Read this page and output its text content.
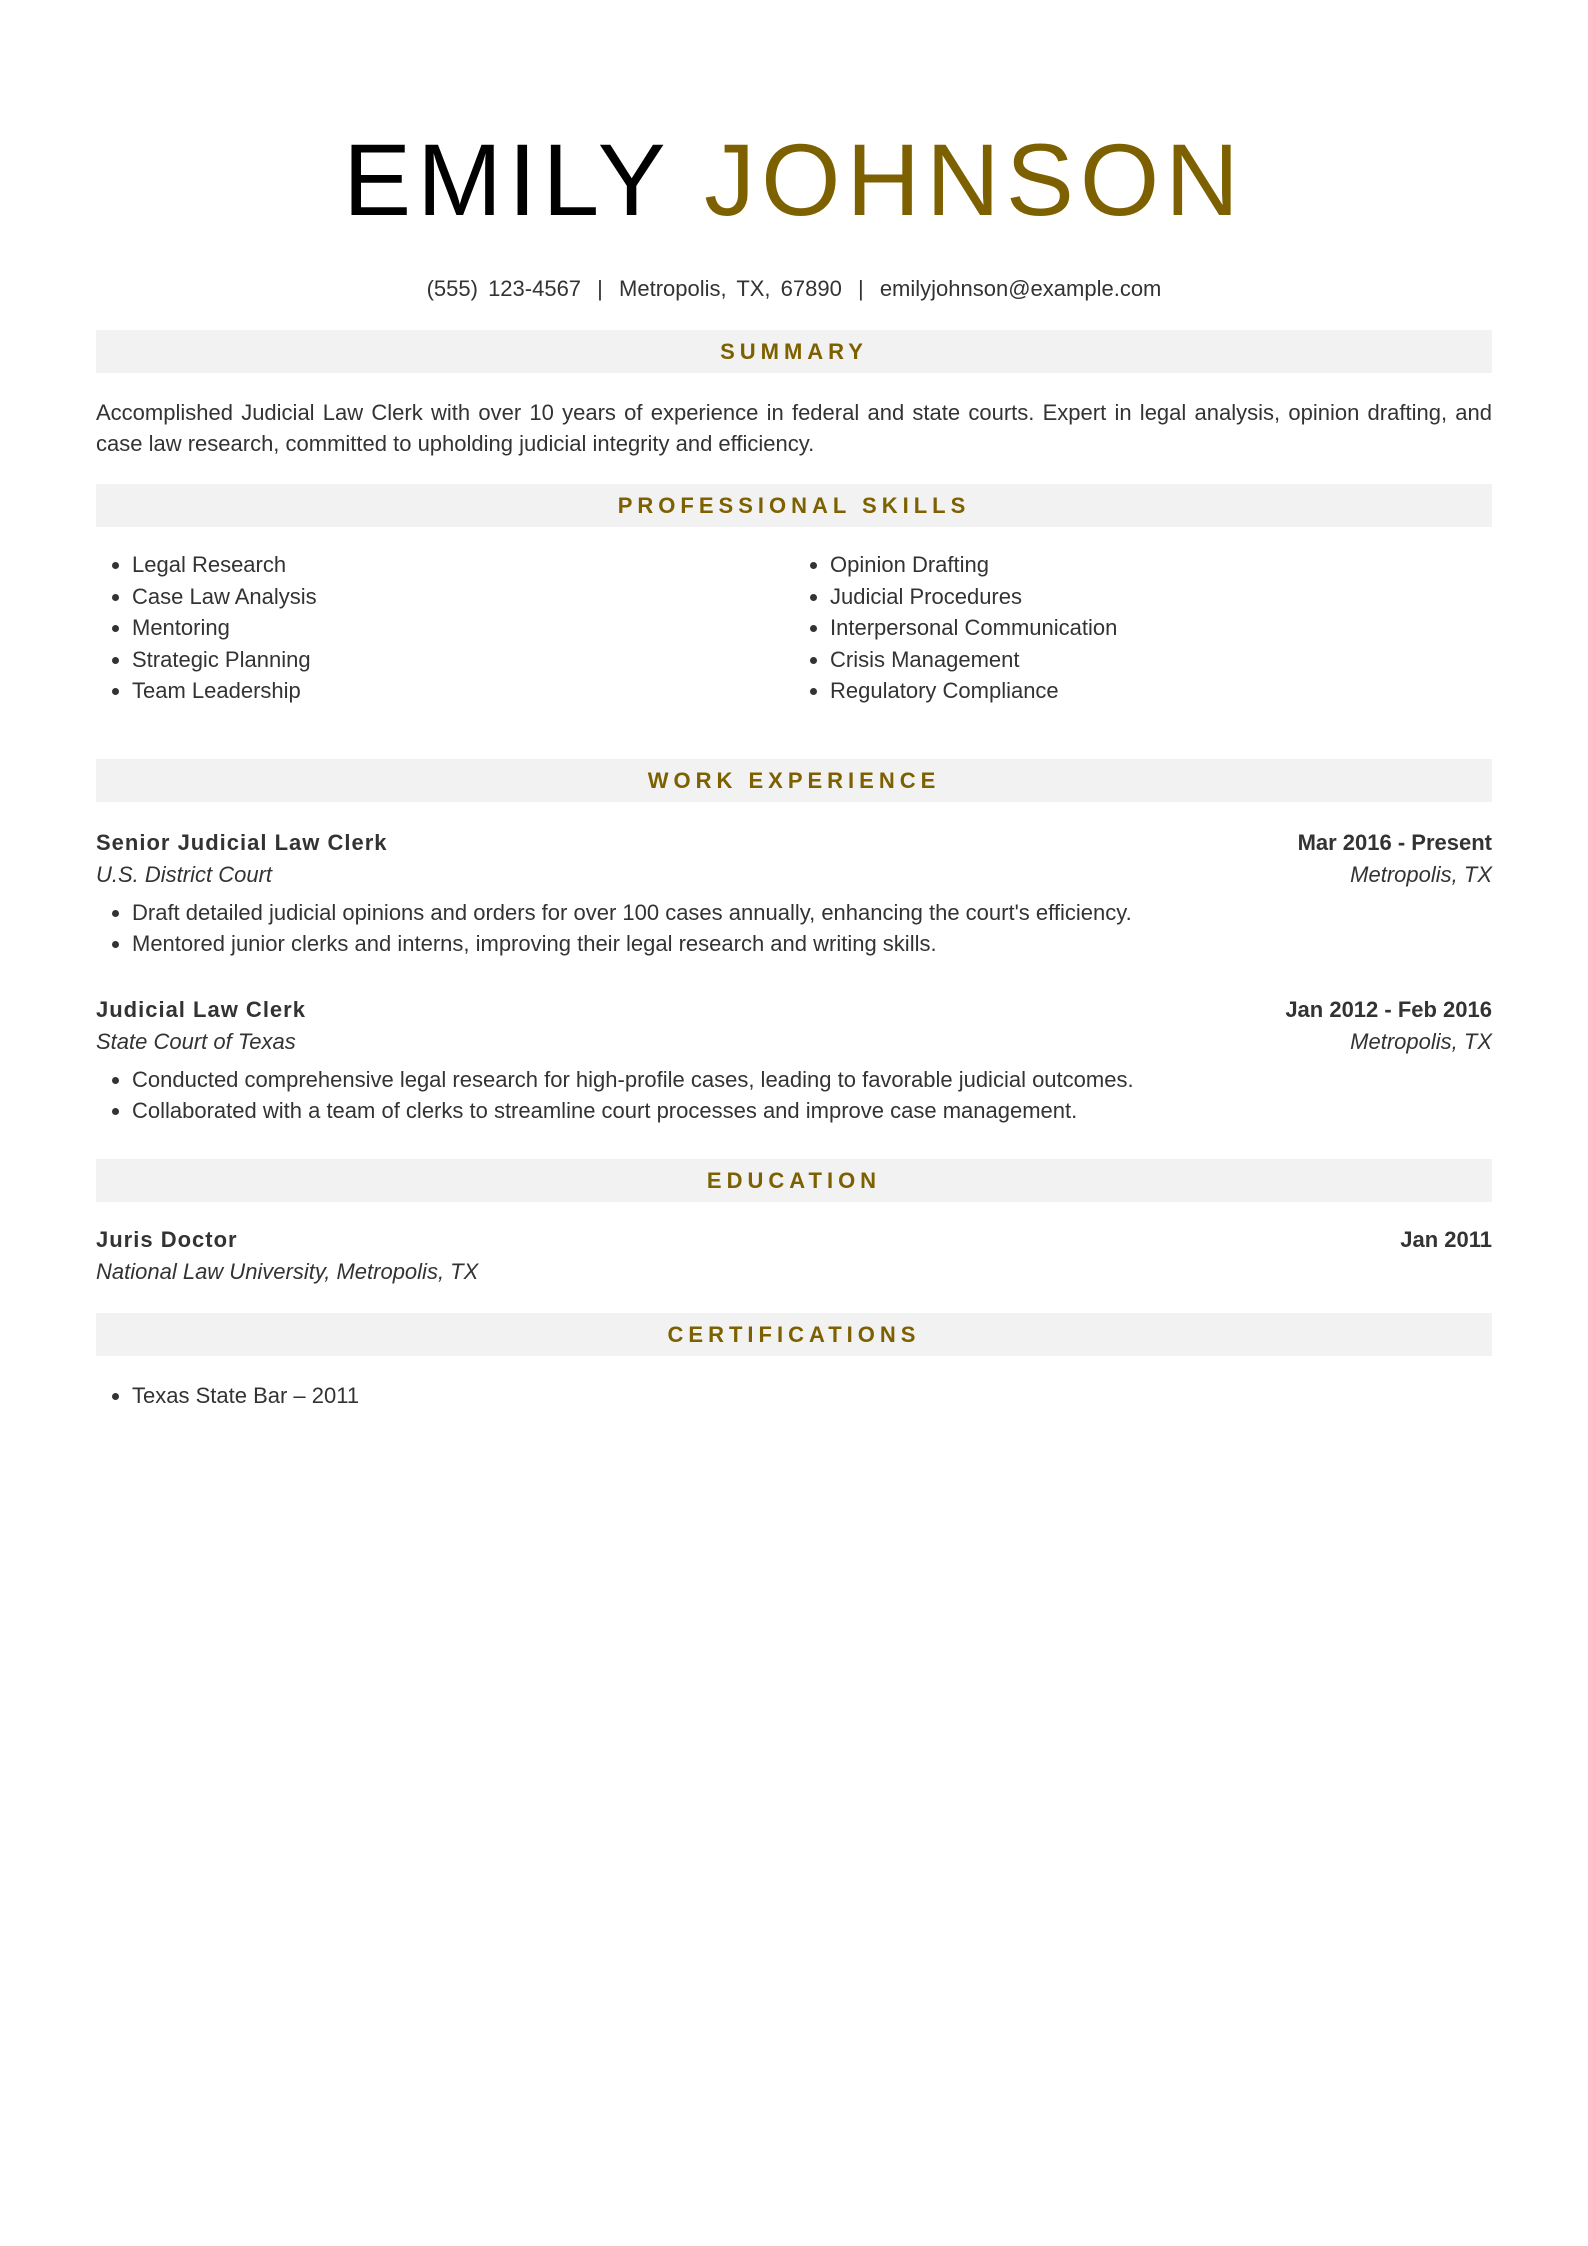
EMILY JOHNSON
(555) 123-4567 | Metropolis, TX, 67890 | emilyjohnson@example.com
SUMMARY

Accomplished Judicial Law Clerk with over 10 years of experience in federal and state courts. Expert in legal analysis, opinion drafting, and case law research, committed to upholding judicial integrity and efficiency.

PROFESSIONAL SKILLS
• Legal Research
• Case Law Analysis
• Mentoring
• Strategic Planning
• Team Leadership
• Opinion Drafting
• Judicial Procedures
• Interpersonal Communication
• Crisis Management
• Regulatory Compliance
WORK EXPERIENCE
Senior Judicial Law Clerk	Mar 2016 - Present
U.S. District Court	Metropolis, TX
• Draft detailed judicial opinions and orders for over 100 cases annually, enhancing the court's efficiency.
• Mentored junior clerks and interns, improving their legal research and writing skills.
Judicial Law Clerk	Jan 2012 - Feb 2016
State Court of Texas	Metropolis, TX
• Conducted comprehensive legal research for high-profile cases, leading to favorable judicial outcomes.
• Collaborated with a team of clerks to streamline court processes and improve case management.
EDUCATION
Juris Doctor	Jan 2011
National Law University, Metropolis, TX
CERTIFICATIONS
• Texas State Bar – 2011
